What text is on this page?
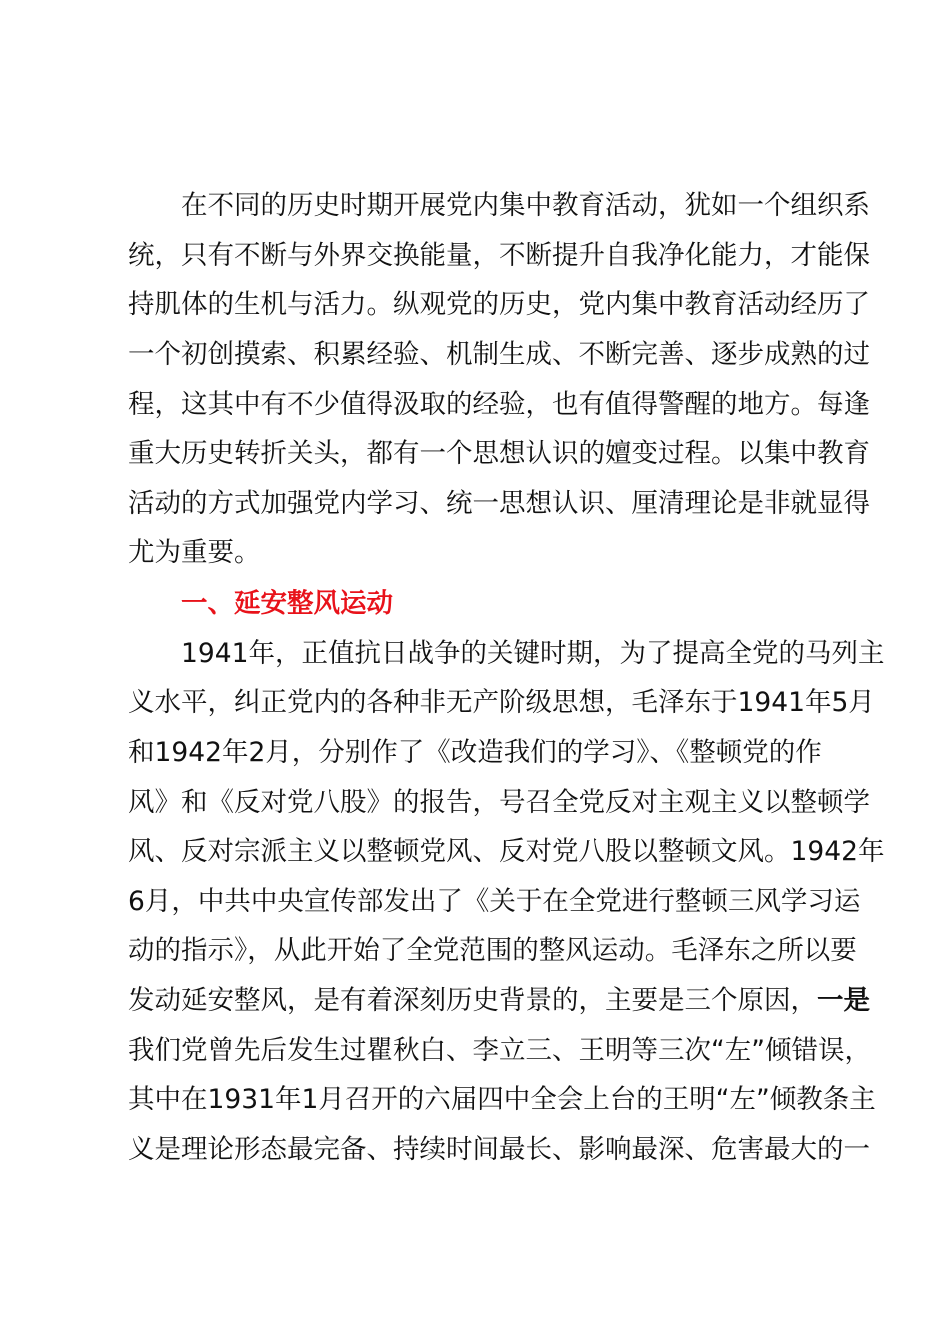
在不同的历史时期开展党内集中教育活动，犹如一个组织系
统，只有不断与外界交换能量，不断提升自我净化能力，才能保
持肌体的生机与活力。纵观党的历史，党内集中教育活动经历了
一个初创摸索、积累经验、机制生成、不断完善、逐步成熟的过
程，这其中有不少值得汲取的经验，也有值得警醒的地方。每逢
重大历史转折关头，都有一个思想认识的嬗变过程。以集中教育
活动的方式加强党内学习、统一思想认识、厘清理论是非就显得
尤为重要。
一、延安整风运动
1941年，正值抗日战争的关键时期，为了提高全党的马列主
义水平，纠正党内的各种非无产阶级思想，毛泽东于1941年5月
和1942年2月，分别作了《改造我们的学习》、《整顿党的作
风》和《反对党八股》的报告，号召全党反对主观主义以整顿学
风、反对宗派主义以整顿党风、反对党八股以整顿文风。1942年
6月，中共中央宣传部发出了《关于在全党进行整顿三风学习运
动的指示》，从此开始了全党范围的整风运动。毛泽东之所以要
发动延安整风，是有着深刻历史背景的，主要是三个原因，一是
我们党曾先后发生过瞿秋白、李立三、王明等三次“左”倾错误，
其中在1931年1月召开的六届四中全会上台的王明“左”倾教条主
义是理论形态最完备、持续时间最长、影响最深、危害最大的一
